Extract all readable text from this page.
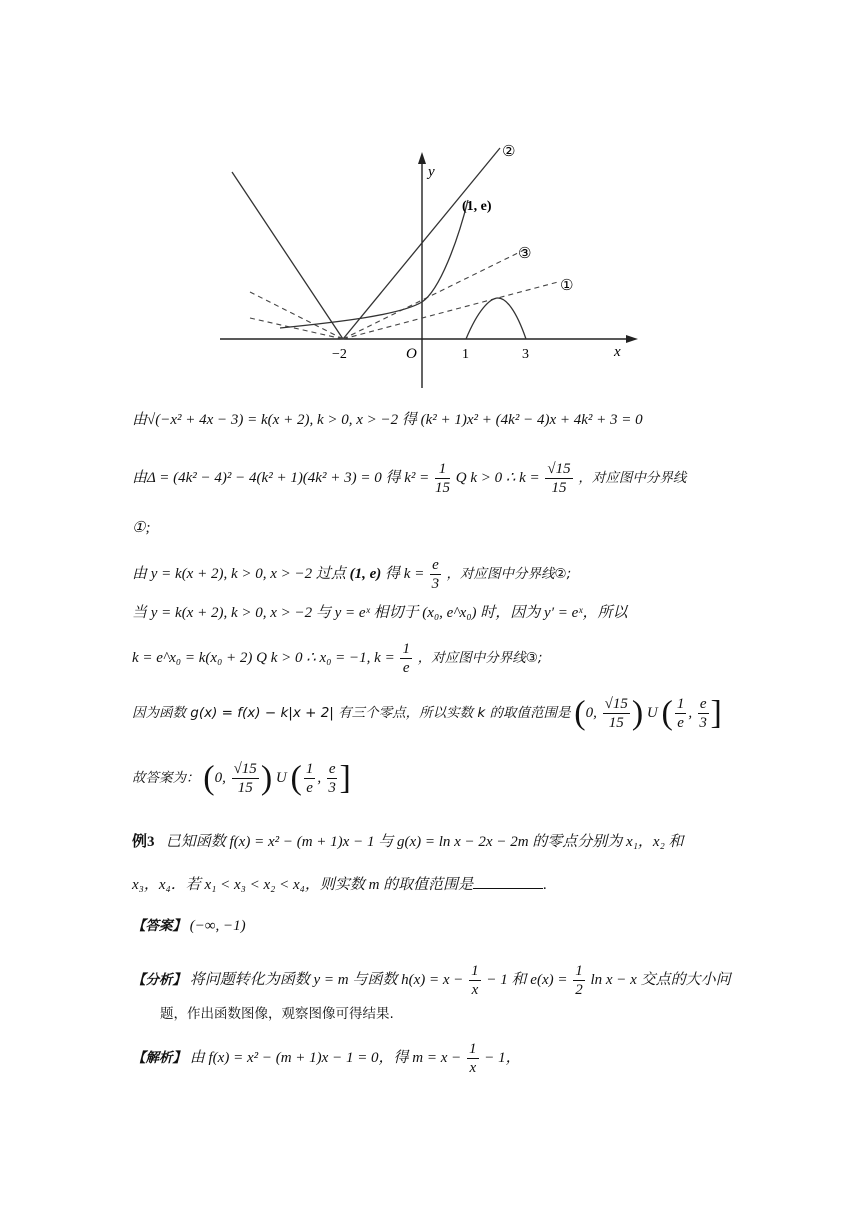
x
y
O
−2	1	3
(1, e)
②
③
①
由√(−x² + 4x − 3) = k(x + 2), k > 0, x > −2 得 (k² + 1)x² + (4k² − 4)x + 4k² + 3 = 0
由Δ = (4k² − 4)² − 4(k² + 1)(4k² + 3) = 0 得 $k^2 = \frac{1}{15}$ Q k > 0 ∴ $k = \frac{√15}{15}$ ，对应图中分界线
①;
由 y = k(x + 2), k > 0, x > −2 过点 (1, e) 得 $k = \frac{e}{3}$ ，对应图中分界线②;
当 y = k(x + 2), k > 0, x > −2 与 y = eˣ 相切于 (x₀, e^x₀) 时，因为 y′ = eˣ，所以
k = e^x₀ = k(x₀ + 2) Q k > 0 ∴ x₀ = −1, $k = \frac{1}{e}$ ，对应图中分界线③;
因为函数 g(x) = f(x) − k|x + 2| 有三个零点，所以实数 k 的取值范围是 (0, $\frac{√15}{15}$ ) U ( $\frac{1}{e}$ , $\frac{e}{3}$ ]
故答案为： (0, $\frac{√15}{15}$ ) U ( $\frac{1}{e}$ , $\frac{e}{3}$ ]
例3 已知函数 f(x) = x² − (m + 1)x − 1 与 g(x) = ln x − 2x − 2m 的零点分别为 x₁，x₂ 和
x₃，x₄．若 x₁ < x₃ < x₂ < x₄，则实数 m 的取值范围是	.
【答案】 (−∞, −1)
【分析】 将问题转化为函数 y = m 与函数 $h(x) = x - \frac{1}{x} - 1$ 和 $e(x) = \frac{1}{2}$ ln x − x 交点的大小问
题，作出函数图像，观察图像可得结果.
【解析】 由 f(x) = x² − (m + 1)x − 1 = 0，得 $m = x - \frac{1}{x} - 1$，
